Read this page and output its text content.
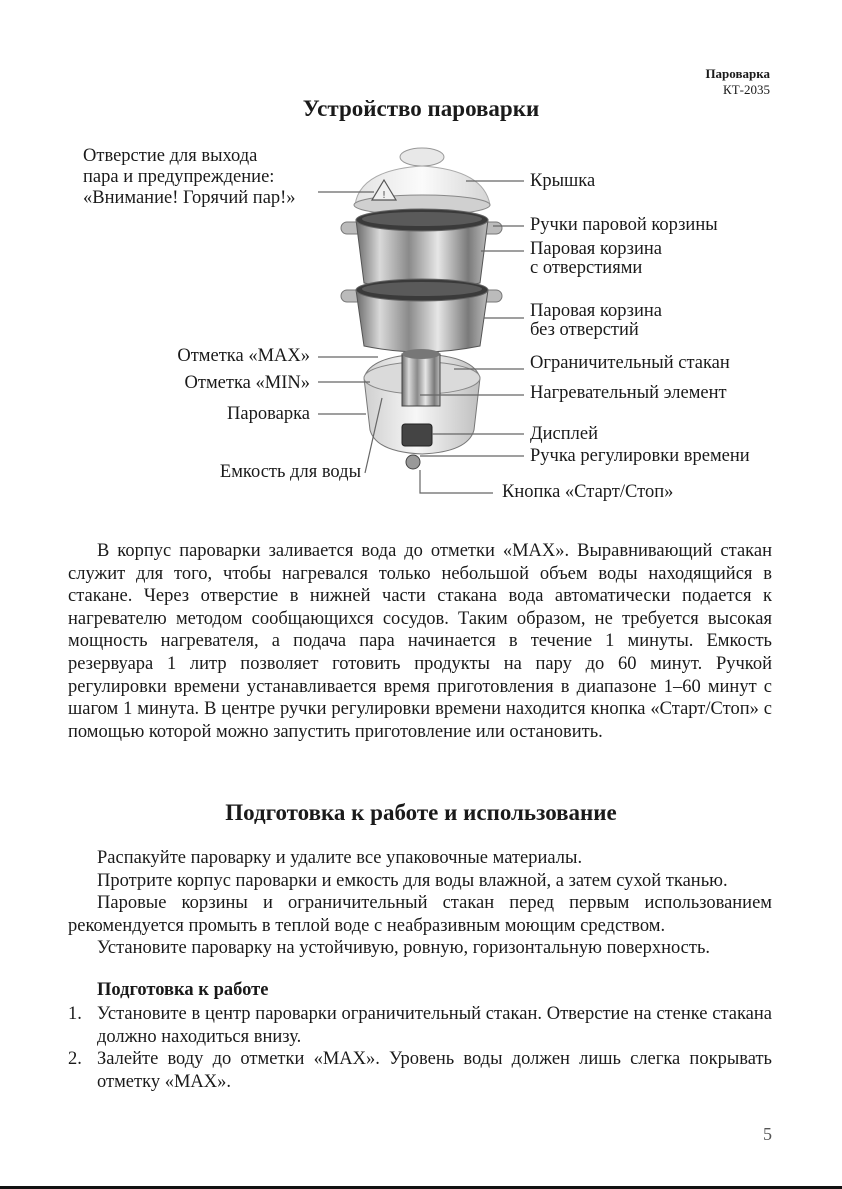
Пароварка
КТ-2035
Устройство пароварки
!
Отверстие для выхода
пара и предупреждение:
«Внимание! Горячий пар!»
Крышка
Ручки паровой корзины
Паровая корзина
с отверстиями
Паровая корзина
без отверстий
Отметка «MAX»
Отметка «MIN»
Пароварка
Емкость для воды
Ограничительный стакан
Нагревательный элемент
Дисплей
Ручка регулировки времени
Кнопка «Старт/Стоп»

В корпус пароварки заливается вода до отметки «MAX». Выравнивающий стакан служит для того, чтобы нагревался только небольшой объем воды находящийся в стакане. Через отверстие в нижней части стакана вода автоматически подается к нагревателю методом сообщающихся сосудов. Таким образом, не требуется высокая мощность нагревателя, а подача пара начинается в течение 1 минуты. Емкость резервуара 1 литр позволяет готовить продукты на пару до 60 минут. Ручкой регулировки времени устанавливается время приготовления в диапазоне 1–60 минут с шагом 1 минута. В центре ручки регулировки времени находится кнопка «Старт/Стоп» с помощью которой можно запустить приготовление или остановить.

Подготовка к работе и использование

Распакуйте пароварку и удалите все упаковочные материалы.

Протрите корпус пароварки и емкость для воды влажной, а затем сухой тканью.

Паровые корзины и ограничительный стакан перед первым использованием рекомендуется промыть в теплой воде с неабразивным моющим средством.

Установите пароварку на устойчивую, ровную, горизонтальную поверхность.

Подготовка к работе
1. Установите в центр пароварки ограничительный стакан. Отверстие на стенке стакана должно находиться внизу.
2. Залейте воду до отметки «MAX». Уровень воды должен лишь слегка покрывать отметку «MAX».
5
